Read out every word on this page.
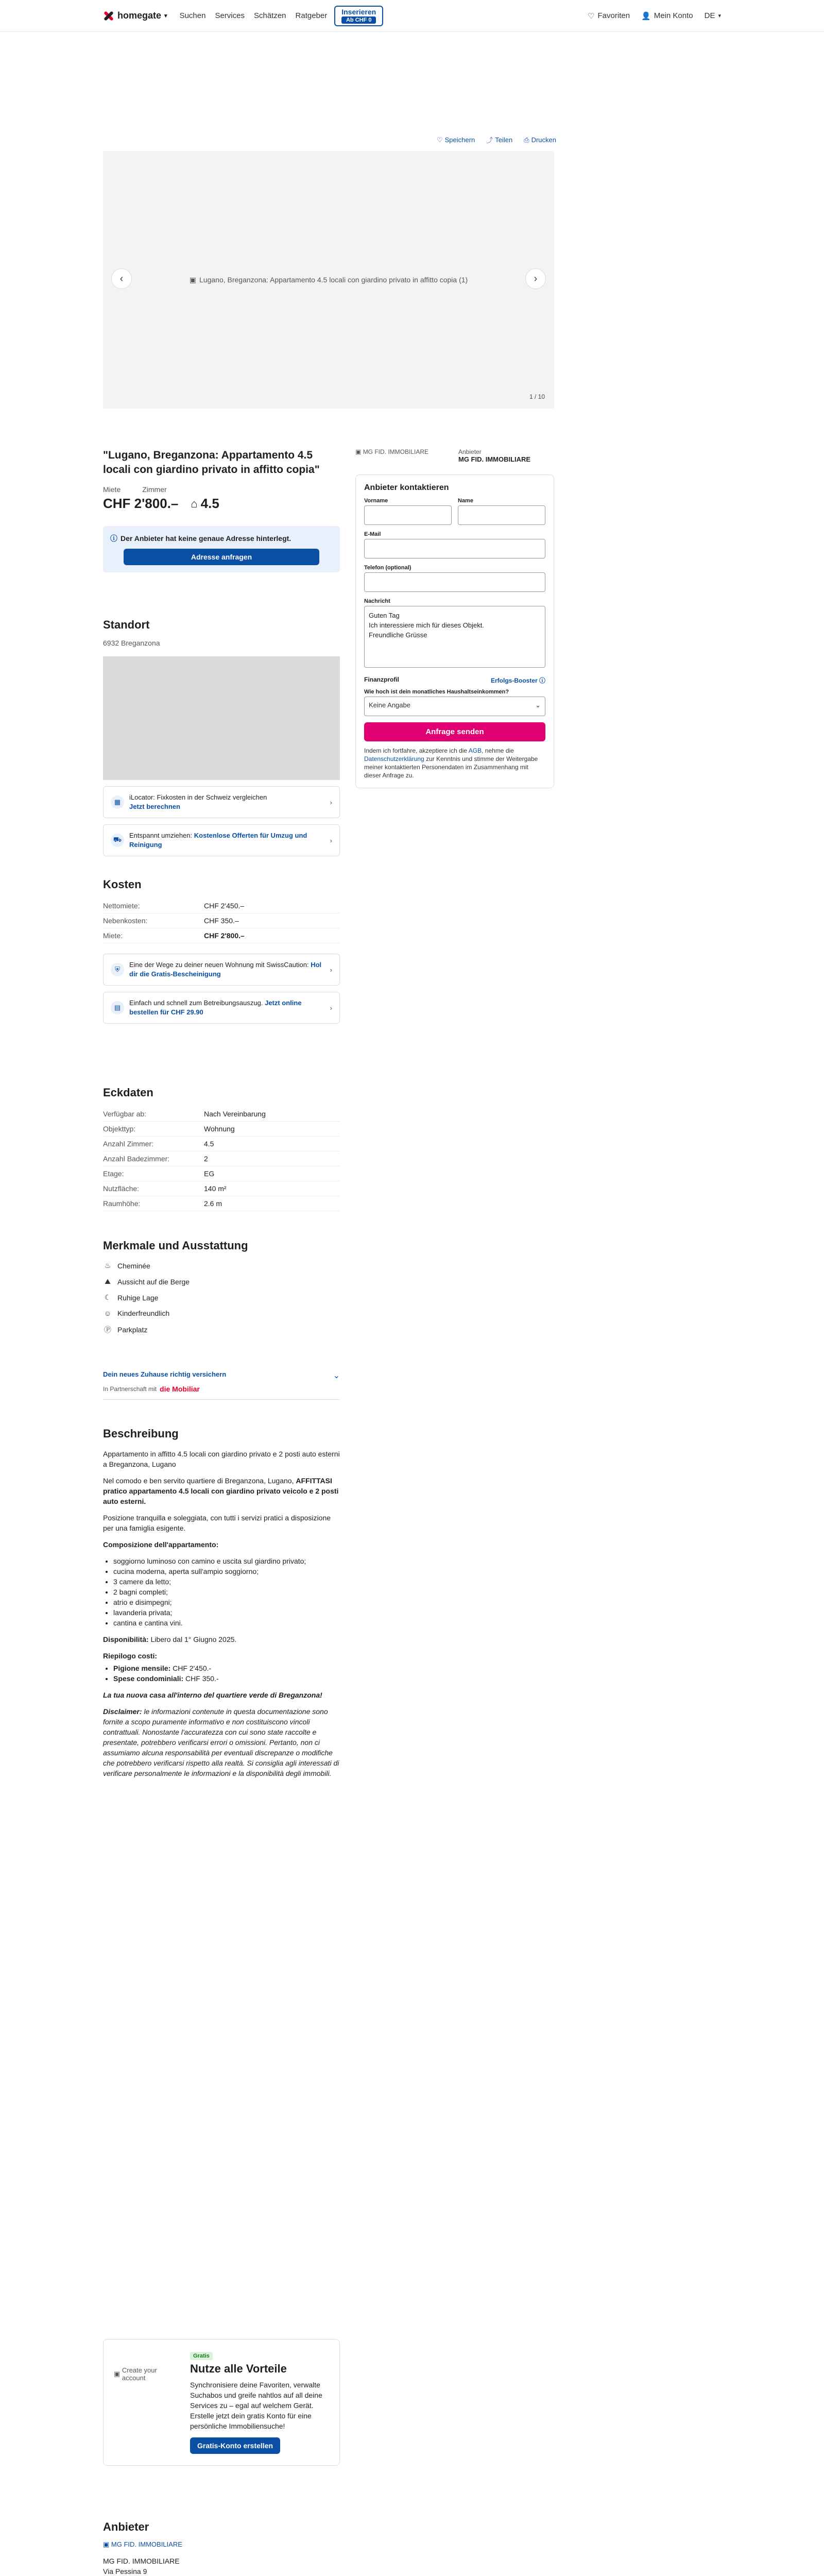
homegate ▾ Suchen Services Schätzen Ratgeber	Inserieren
Ab CHF 0	♡ Favoriten 👤 Mein Konto DE ▾
♡ Speichern ⤴ Teilen ⎙ Drucken
▣ Lugano, Breganzona: Appartamento 4.5 locali con giardino privato in affitto copia (1)
‹	›
1 / 10
"Lugano, Breganzona: Appartamento 4.5 locali con giardino privato in affitto copia"
Miete	Zimmer
CHF 2'800.– ⌂ 4.5

ⓘ Der Anbieter hat keine genaue Adresse hinterlegt.

Adresse anfragen
Standort

6932 Breganzona

▦
iLocator: Fixkosten in der Schweiz vergleichen
Jetzt berechnen
›
⛟
Entspannt umziehen: Kostenlose Offerten für Umzug und Reinigung
›
Kosten
Nettomiete:	CHF 2'450.–
Nebenkosten:	CHF 350.–
Miete:	CHF 2'800.–
⛨
Eine der Wege zu deiner neuen Wohnung mit SwissCaution: Hol dir die Gratis-Bescheinigung
›
▤
Einfach und schnell zum Betreibungsauszug. Jetzt online bestellen für CHF 29.90
›
Eckdaten
Verfügbar ab:	Nach Vereinbarung
Objekttyp:	Wohnung
Anzahl Zimmer:	4.5
Anzahl Badezimmer:	2
Etage:	EG
Nutzfläche:	140 m²
Raumhöhe:	2.6 m
Merkmale und Ausstattung
♨ Cheminée
⛰ Aussicht auf die Berge
☾ Ruhige Lage
☺ Kinderfreundlich
Ⓟ Parkplatz
Dein neues Zuhause richtig versichern	⌄
In Partnerschaft mit die Mobiliar
Beschreibung

Appartamento in affitto 4.5 locali con giardino privato e 2 posti auto esterni a Breganzona, Lugano

Nel comodo e ben servito quartiere di Breganzona, Lugano, AFFITTASI pratico appartamento 4.5 locali con giardino privato veicolo e 2 posti auto esterni.

Posizione tranquilla e soleggiata, con tutti i servizi pratici a disposizione per una famiglia esigente.

Composizione dell'appartamento:

• soggiorno luminoso con camino e uscita sul giardino privato;
• cucina moderna, aperta sull'ampio soggiorno;
• 3 camere da letto;
• 2 bagni completi;
• atrio e disimpegni;
• lavanderia privata;
• cantina e cantina vini.

Disponibilità: Libero dal 1° Giugno 2025.

Riepilogo costi:

• Pigione mensile: CHF 2'450.-
• Spese condominiali: CHF 350.-

La tua nuova casa all'interno del quartiere verde di Breganzona!

Disclaimer: le informazioni contenute in questa documentazione sono fornite a scopo puramente informativo e non costituiscono vincoli contrattuali. Nonostante l'accuratezza con cui sono state raccolte e presentate, potrebbero verificarsi errori o omissioni. Pertanto, non ci assumiamo alcuna responsabilità per eventuali discrepanze o modifiche che potrebbero verificarsi rispetto alla realtà. Si consiglia agli interessati di verificare personalmente le informazioni e la disponibilità degli immobili.

▣
Create your account
Gratis
Nutze alle Vorteile

Synchronisiere deine Favoriten, verwalte Suchabos und greife nahtlos auf all deine Services zu – egal auf welchem Gerät. Erstelle jetzt dein gratis Konto für eine persönliche Immobiliensuche!

Gratis-Konto erstellen
Anbieter
▣ MG FID. IMMOBILIARE
MG FID. IMMOBILIARE
Via Pessina 9

▣ MG FID. IMMOBILIARE	Anbieter
MG FID. IMMOBILIARE
Anbieter kontaktieren
Vorname	Name
E-Mail
Telefon (optional)
Nachricht
Guten Tag
Ich interessiere mich für dieses Objekt.
Freundliche Grüsse
Finanzprofil	Erfolgs-Booster ⓘ
Wie hoch ist dein monatliches Haushaltseinkommen?
Keine Angabe	⌄
Anfrage senden

Indem ich fortfahre, akzeptiere ich die AGB, nehme die Datenschutzerklärung zur Kenntnis und stimme der Weitergabe meiner kontaktierten Personendaten im Zusammenhang mit dieser Anfrage zu.
